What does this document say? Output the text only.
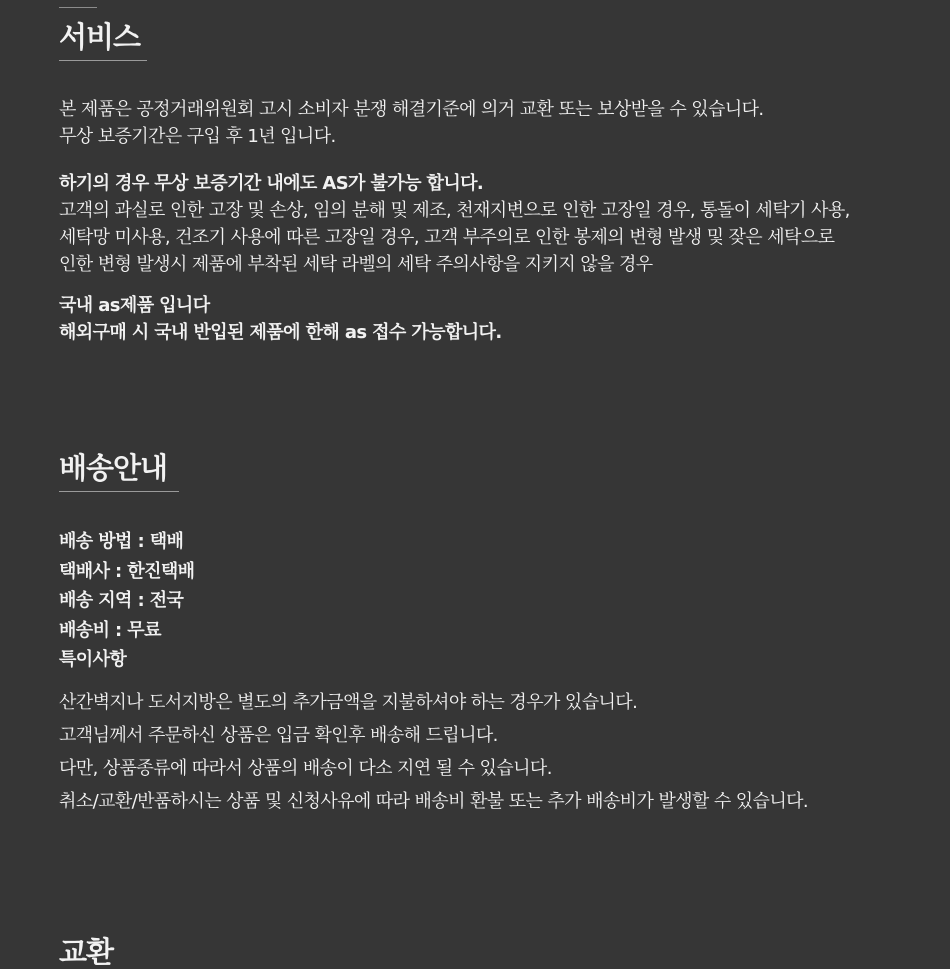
서비스

본 제품은 공정거래위원회 고시 소비자 분쟁 해결기준에 의거 교환 또는 보상받을 수 있습니다.
무상 보증기간은 구입 후 1년 입니다.

하기의 경우 무상 보증기간 내에도 AS가 불가능 합니다.
고객의 과실로 인한 고장 및 손상, 임의 분해 및 제조, 천재지변으로 인한 고장일 경우, 통돌이 세탁기 사용,
세탁망 미사용, 건조기 사용에 따른 고장일 경우, 고객 부주의로 인한 봉제의 변형 발생 및 잦은 세탁으로
인한 변형 발생시 제품에 부착된 세탁 라벨의 세탁 주의사항을 지키지 않을 경우

국내 as제품 입니다
해외구매 시 국내 반입된 제품에 한해 as 접수 가능합니다.

배송안내

배송 방법 : 택배
택배사 : 한진택배
배송 지역 : 전국
배송비 : 무료
특이사항

산간벽지나 도서지방은 별도의 추가금액을 지불하셔야 하는 경우가 있습니다.
고객님께서 주문하신 상품은 입금 확인후 배송해 드립니다.
다만, 상품종류에 따라서 상품의 배송이 다소 지연 될 수 있습니다.
취소/교환/반품하시는 상품 및 신청사유에 따라 배송비 환불 또는 추가 배송비가 발생할 수 있습니다.

교환
